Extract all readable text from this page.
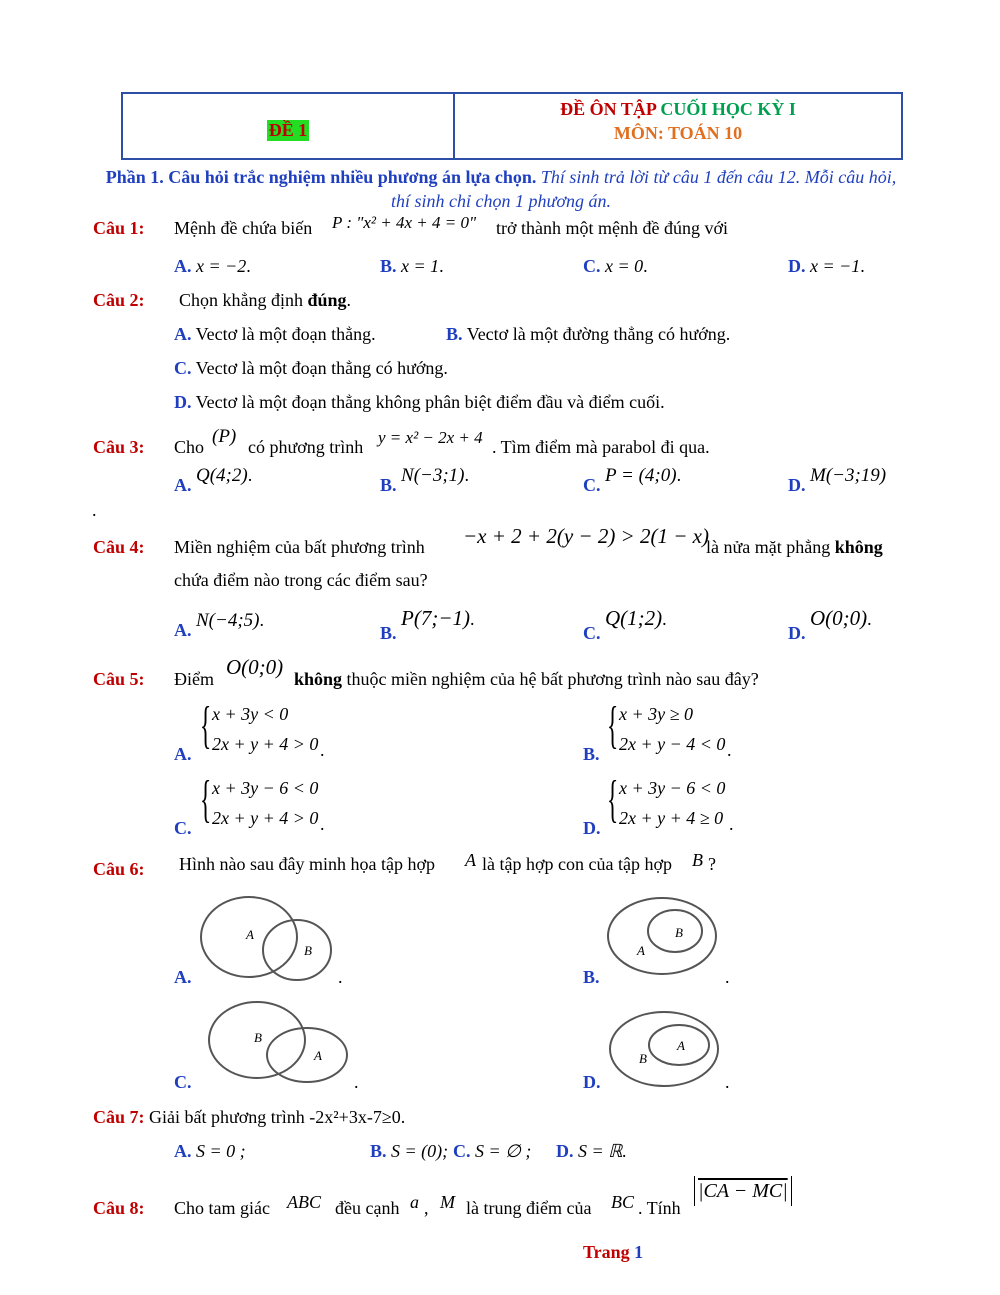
ĐỀ 1
ĐỀ ÔN TẬP CUỐI HỌC KỲ I
MÔN: TOÁN 10
Phần 1. Câu hỏi trắc nghiệm nhiều phương án lựa chọn. Thí sinh trả lời từ câu 1 đến câu 12. Mỗi câu hỏi, thí sinh chỉ chọn 1 phương án.
Câu 1: Mệnh đề chứa biến P : "x² + 4x + 4 = 0" trở thành một mệnh đề đúng với
A. x = −2.	B. x = 1.	C. x = 0.	D. x = −1.
Câu 2: Chọn khẳng định đúng.
A. Vectơ là một đoạn thẳng.	B. Vectơ là một đường thẳng có hướng.
C. Vectơ là một đoạn thẳng có hướng.
D. Vectơ là một đoạn thẳng không phân biệt điểm đầu và điểm cuối.
Câu 3: Cho (P) có phương trình y = x² − 2x + 4 . Tìm điểm mà parabol đi qua.
A. Q(4;2).	B. N(−3;1).	C. P = (4;0).	D. M(−3;19)
.
Câu 4: Miền nghiệm của bất phương trình −x + 2 + 2(y − 2) > 2(1 − x)
là nửa mặt phẳng không
chứa điểm nào trong các điểm sau?
A. N(−4;5).
B. P(7;−1).
C. Q(1;2).
D. O(0;0).
Câu 5: Điểm O(0;0) không thuộc miền nghiệm của hệ bất phương trình nào sau đây?
A. { x + 3y < 0
2x + y + 4 > 0 .	B. { x + 3y ≥ 0
2x + y − 4 < 0 .
C. { x + 3y − 6 < 0
2x + y + 4 > 0 .	D. { x + 3y − 6 < 0
2x + y + 4 ≥ 0 .
Câu 6: Hình nào sau đây minh họa tập hợp A là tập hợp con của tập hợp B ?
A.
A
B
.	B.
A
B
.
C.
B
A
.	D.
B
A
.
Câu 7: Giải bất phương trình -2x²+3x-7≥0.
A. S = 0 ;	B. S = (0); C. S = ∅ ; D. S = ℝ.
Câu 8: Cho tam giác ABC đều cạnh a , M là trung điểm của BC . Tính
|CA − MC|
Trang 1
